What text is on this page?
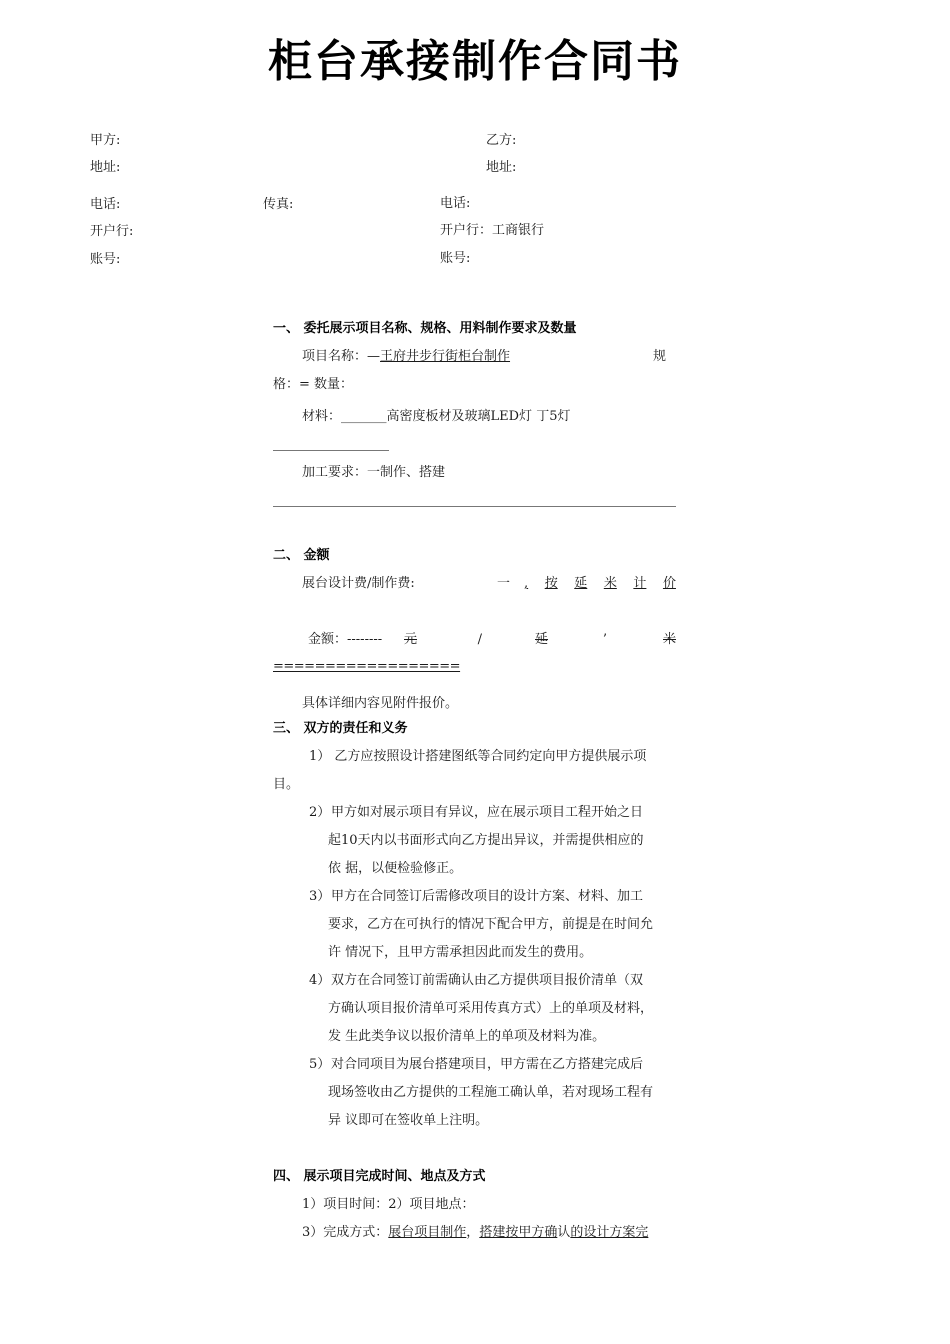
柜台承接制作合同书
甲方:	乙方:
地址:	地址:
电话:	传真:	电话:
开户行:	开户行：工商银行
账号:	账号:
一、 委托展示项目名称、规格、用料制作要求及数量
项目名称：—王府井步行街柜台制作	规
格：= 数量：
材料：_______高密度板材及玻璃LED灯 丁5灯
加工要求：一制作、搭建
二、 金额
展台设计费/制作费:	一 , 按 延 米 计 价
金额：-------- 元	/	延	’	米
==================
具体详细内容见附件报价。
三、 双方的责任和义务
1） 乙方应按照设计搭建图纸等合同约定向甲方提供展示项
目。
2） 甲方如对展示项目有异议，应在展示项目工程开始之日
起10天内以书面形式向乙方提出异议，并需提供相应的
依 据，以便检验修正。
3） 甲方在合同签订后需修改项目的设计方案、材料、加工
要求，乙方在可执行的情况下配合甲方，前提是在时间允
许 情况下，且甲方需承担因此而发生的费用。
4） 双方在合同签订前需确认由乙方提供项目报价清单（双
方确认项目报价清单可采用传真方式）上的单项及材料，
发 生此类争议以报价清单上的单项及材料为准。
5） 对合同项目为展台搭建项目，甲方需在乙方搭建完成后
现场签收由乙方提供的工程施工确认单，若对现场工程有
异 议即可在签收单上注明。
四、 展示项目完成时间、地点及方式
1）项目时间：2）项目地点：
3）完成方式：展台项目制作，搭建按甲方确认的设计方案完
